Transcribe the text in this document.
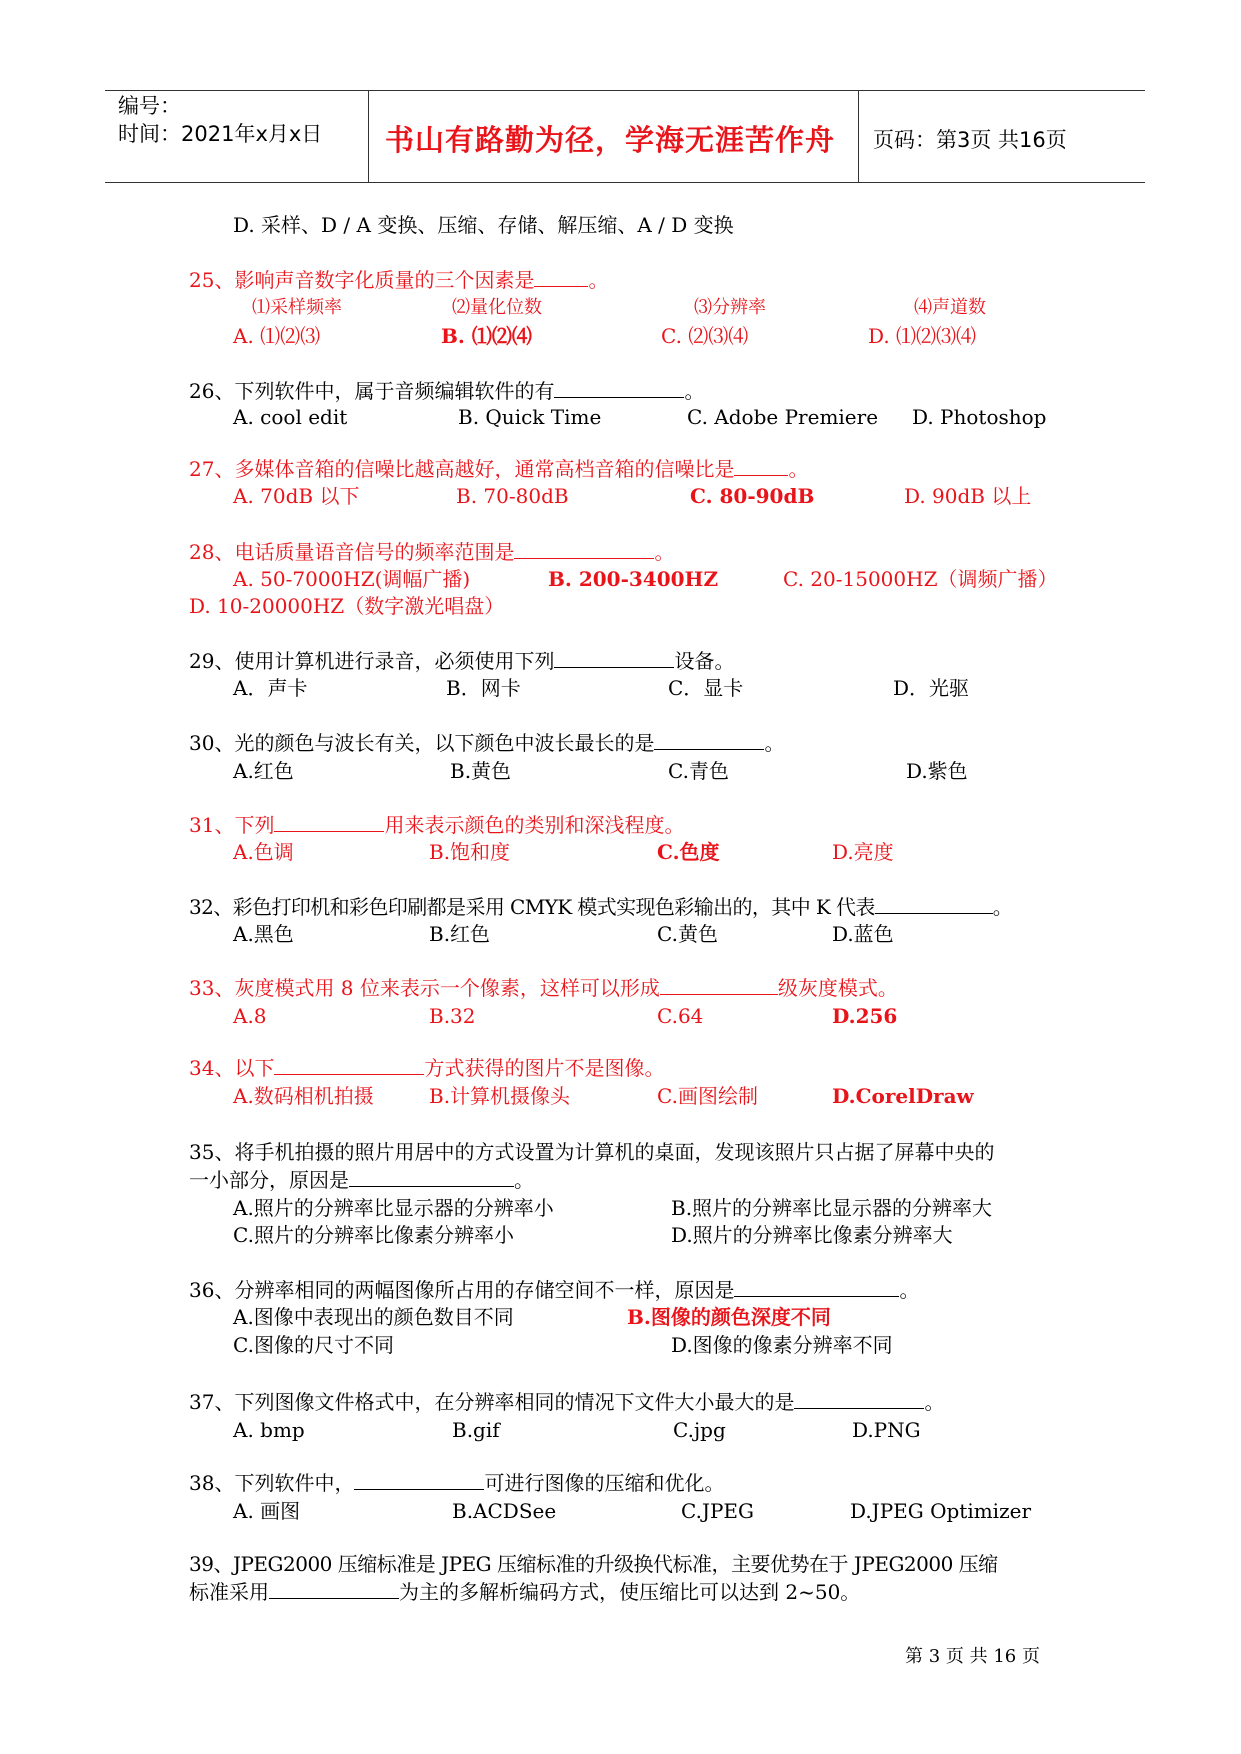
编号：
时间：2021年x月x日	书山有路勤为径，学海无涯苦作舟	页码：第3页 共16页
D. 采样、D / A 变换、压缩、存储、解压缩、A / D 变换
25、影响声音数字化质量的三个因素是	。
⑴采样频率	⑵量化位数	⑶分辨率	⑷声道数
A. ⑴⑵⑶	B. ⑴⑵⑷	C. ⑵⑶⑷	D. ⑴⑵⑶⑷
26、下列软件中，属于音频编辑软件的有	。
A. cool edit	B. Quick Time	C. Adobe Premiere D. Photoshop
27、多媒体音箱的信噪比越高越好，通常高档音箱的信噪比是	。
A. 70dB 以下	B. 70-80dB	C. 80-90dB	D. 90dB 以上
28、电话质量语音信号的频率范围是	。
A. 50-7000HZ(调幅广播)	B. 200-3400HZ	C. 20-15000HZ（调频广播）
D. 10-20000HZ（数字激光唱盘）
29、使用计算机进行录音，必须使用下列	设备。
A．声卡	B．网卡	C．显卡	D．光驱
30、光的颜色与波长有关，以下颜色中波长最长的是	。
A.红色	B.黄色	C.青色	D.紫色
31、下列	用来表示颜色的类别和深浅程度。
A.色调	B.饱和度	C.色度	D.亮度
32、彩色打印机和彩色印刷都是采用 CMYK 模式实现色彩输出的，其中 K 代表	。
A.黑色	B.红色	C.黄色	D.蓝色
33、灰度模式用 8 位来表示一个像素，这样可以形成	级灰度模式。
A.8	B.32	C.64	D.256
34、以下	方式获得的图片不是图像。
A.数码相机拍摄	B.计算机摄像头	C.画图绘制	D.CorelDraw
35、将手机拍摄的照片用居中的方式设置为计算机的桌面，发现该照片只占据了屏幕中央的
一小部分，原因是	。
A.照片的分辨率比显示器的分辨率小	B.照片的分辨率比显示器的分辨率大
C.照片的分辨率比像素分辨率小	D.照片的分辨率比像素分辨率大
36、分辨率相同的两幅图像所占用的存储空间不一样，原因是	。
A.图像中表现出的颜色数目不同	B.图像的颜色深度不同
C.图像的尺寸不同	D.图像的像素分辨率不同
37、下列图像文件格式中，在分辨率相同的情况下文件大小最大的是	。
A. bmp	B.gif	C.jpg	D.PNG
38、下列软件中，	可进行图像的压缩和优化。
A. 画图	B.ACDSee	C.JPEG	D.JPEG Optimizer
39、JPEG2000 压缩标准是 JPEG 压缩标准的升级换代标准，主要优势在于 JPEG2000 压缩
标准采用	为主的多解析编码方式，使压缩比可以达到 2~50。
第 3 页 共 16 页
